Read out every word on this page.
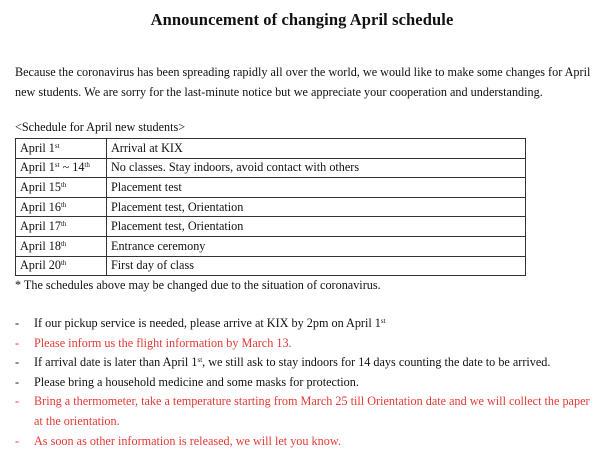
Announcement of changing April schedule
Because the coronavirus has been spreading rapidly all over the world, we would like to make some changes for April new students. We are sorry for the last-minute notice but we appreciate your cooperation and understanding.
<Schedule for April new students>
April 1st	Arrival at KIX
April 1st ~ 14th	No classes. Stay indoors, avoid contact with others
April 15th	Placement test
April 16th	Placement test, Orientation
April 17th	Placement test, Orientation
April 18th	Entrance ceremony
April 20th	First day of class
* The schedules above may be changed due to the situation of coronavirus.
- If our pickup service is needed, please arrive at KIX by 2pm on April 1st
- Please inform us the flight information by March 13.
- If arrival date is later than April 1st, we still ask to stay indoors for 14 days counting the date to be arrived.
- Please bring a household medicine and some masks for protection.
- Bring a thermometer, take a temperature starting from March 25 till Orientation date and we will collect the paper at the orientation.
- As soon as other information is released, we will let you know.
